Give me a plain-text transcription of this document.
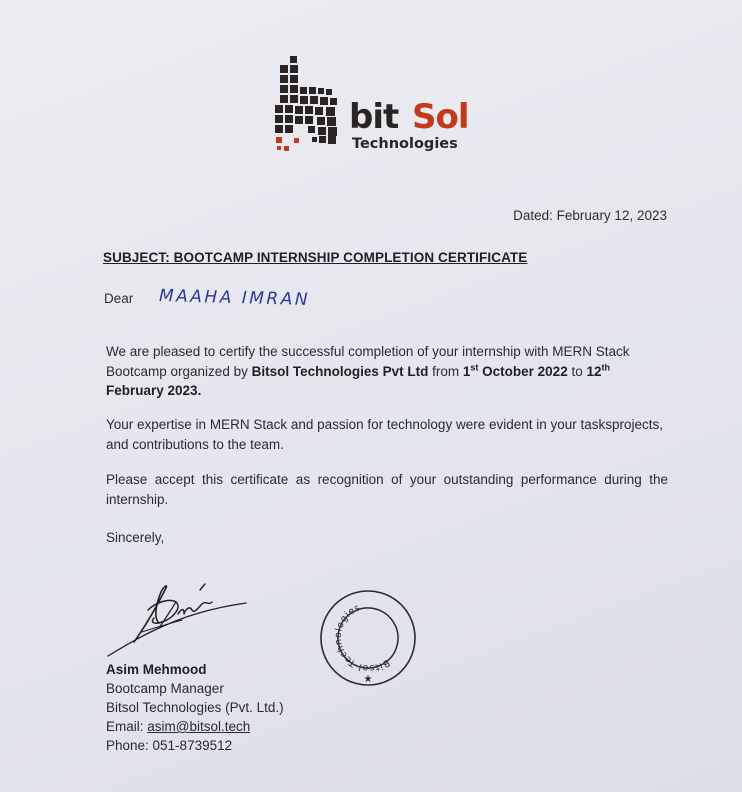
bit Sol
Technologies
Dated: February 12, 2023
SUBJECT: BOOTCAMP INTERNSHIP COMPLETION CERTIFICATE
Dear MAAHA IMRAN
We are pleased to certify the successful completion of your internship with MERN Stack Bootcamp organized by Bitsol Technologies Pvt Ltd from 1st October 2022 to 12th February 2023.
Your expertise in MERN Stack and passion for technology were evident in your tasksprojects, and contributions to the team.
Please accept this certificate as recognition of your outstanding performance during the internship.
Sincerely,
Bitsol Technologies
★
Asim Mehmood
Bootcamp Manager
Bitsol Technologies (Pvt. Ltd.)
Email: asim@bitsol.tech
Phone: 051-8739512
